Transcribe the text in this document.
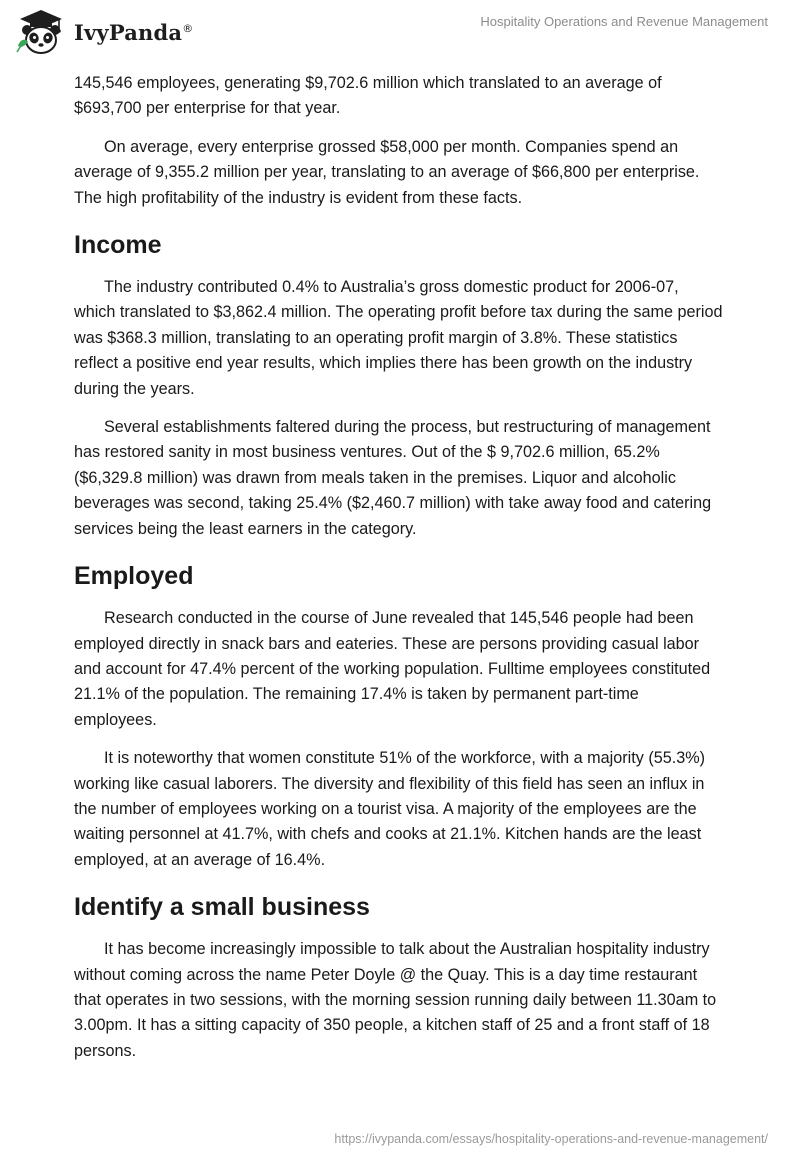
IvyPanda®	Hospitality Operations and Revenue Management

145,546 employees, generating $9,702.6 million which translated to an average of $693,700 per enterprise for that year.

On average, every enterprise grossed $58,000 per month. Companies spend an average of 9,355.2 million per year, translating to an average of $66,800 per enterprise. The high profitability of the industry is evident from these facts.

Income

The industry contributed 0.4% to Australia’s gross domestic product for 2006-07, which translated to $3,862.4 million. The operating profit before tax during the same period was $368.3 million, translating to an operating profit margin of 3.8%. These statistics reflect a positive end year results, which implies there has been growth on the industry during the years.

Several establishments faltered during the process, but restructuring of management has restored sanity in most business ventures. Out of the $ 9,702.6 million, 65.2% ($6,329.8 million) was drawn from meals taken in the premises. Liquor and alcoholic beverages was second, taking 25.4% ($2,460.7 million) with take away food and catering services being the least earners in the category.

Employed

Research conducted in the course of June revealed that 145,546 people had been employed directly in snack bars and eateries. These are persons providing casual labor and account for 47.4% percent of the working population. Fulltime employees constituted 21.1% of the population. The remaining 17.4% is taken by permanent part-time employees.

It is noteworthy that women constitute 51% of the workforce, with a majority (55.3%) working like casual laborers. The diversity and flexibility of this field has seen an influx in the number of employees working on a tourist visa. A majority of the employees are the waiting personnel at 41.7%, with chefs and cooks at 21.1%. Kitchen hands are the least employed, at an average of 16.4%.

Identify a small business

It has become increasingly impossible to talk about the Australian hospitality industry without coming across the name Peter Doyle @ the Quay. This is a day time restaurant that operates in two sessions, with the morning session running daily between 11.30am to 3.00pm. It has a sitting capacity of 350 people, a kitchen staff of 25 and a front staff of 18 persons.

https://ivypanda.com/essays/hospitality-operations-and-revenue-management/
